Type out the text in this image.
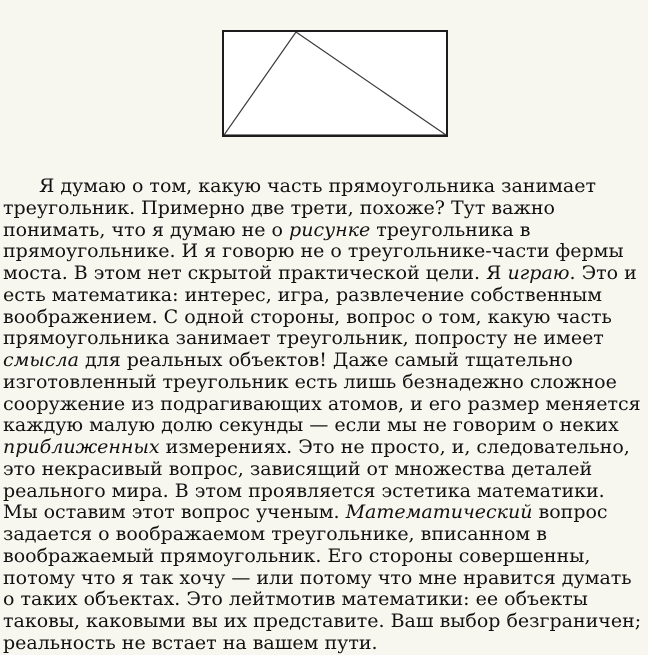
Я думаю о том, какую часть прямоугольника занимает треугольник. Примерно две трети, похоже? Тут важно понимать, что я думаю не о рисунке треугольника в прямоугольнике. И я говорю не о треугольнике-части фермы моста. В этом нет скрытой практической цели. Я играю. Это и есть математика: интерес, игра, развлечение собственным воображением. С одной стороны, вопрос о том, какую часть прямоугольника занимает треугольник, попросту не имеет смысла для реальных объектов! Даже самый тщательно изготовленный треугольник есть лишь безнадежно сложное сооружение из подрагивающих атомов, и его размер меняется каждую малую долю секунды — если мы не говорим о неких приближенных измерениях. Это не просто, и, следовательно, это некрасивый вопрос, зависящий от множества деталей реального мира. В этом проявляется эстетика математики. Мы оставим этот вопрос ученым. Математический вопрос задается о воображаемом треугольнике, вписанном в воображаемый прямоугольник. Его стороны совершенны, потому что я так хочу — или потому что мне нравится думать о таких объектах. Это лейтмотив математики: ее объекты таковы, каковыми вы их представите. Ваш выбор безграничен; реальность не встает на вашем пути.
